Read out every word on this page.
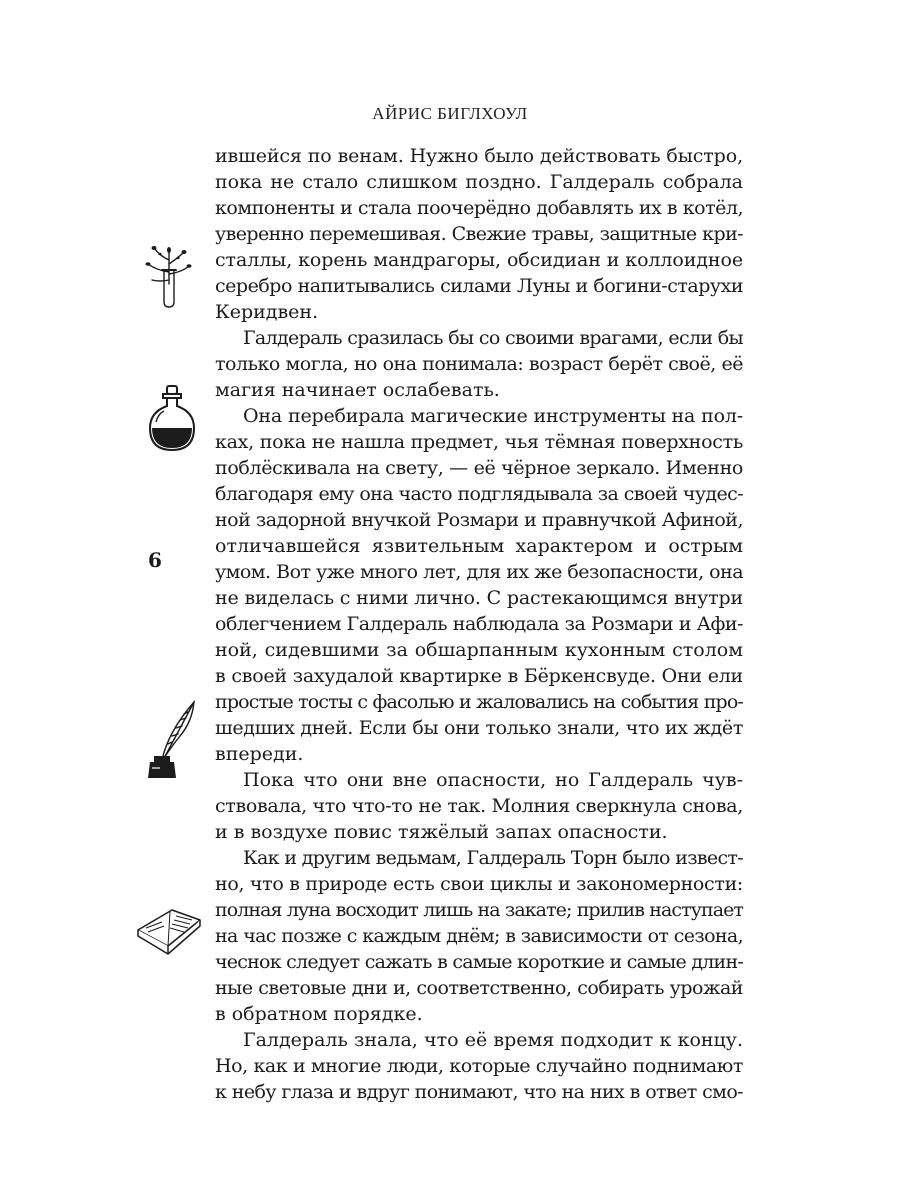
АЙРИС БИГЛХОУЛ
6
ившейся по венам. Нужно было действовать быстро,
пока не стало слишком поздно. Галдераль собрала
компоненты и стала поочерёдно добавлять их в котёл,
уверенно перемешивая. Свежие травы, защитные кри-
сталлы, корень мандрагоры, обсидиан и коллоидное
серебро напитывались силами Луны и богини-старухи
Керидвен.
Галдераль сразилась бы со своими врагами, если бы
только могла, но она понимала: возраст берёт своё, её
магия начинает ослабевать.
Она перебирала магические инструменты на пол-
ках, пока не нашла предмет, чья тёмная поверхность
поблёскивала на свету, — её чёрное зеркало. Именно
благодаря ему она часто подглядывала за своей чудес-
ной задорной внучкой Розмари и правнучкой Афиной,
отличавшейся язвительным характером и острым
умом. Вот уже много лет, для их же безопасности, она
не виделась с ними лично. С растекающимся внутри
облегчением Галдераль наблюдала за Розмари и Афи-
ной, сидевшими за обшарпанным кухонным столом
в своей захудалой квартирке в Бёркенсвуде. Они ели
простые тосты с фасолью и жаловались на события про-
шедших дней. Если бы они только знали, что их ждёт
впереди.
Пока что они вне опасности, но Галдераль чув-
ствовала, что что-то не так. Молния сверкнула снова,
и в воздухе повис тяжёлый запах опасности.
Как и другим ведьмам, Галдераль Торн было извест-
но, что в природе есть свои циклы и закономерности:
полная луна восходит лишь на закате; прилив наступает
на час позже с каждым днём; в зависимости от сезона,
чеснок следует сажать в самые короткие и самые длин-
ные световые дни и, соответственно, собирать урожай
в обратном порядке.
Галдераль знала, что её время подходит к концу.
Но, как и многие люди, которые случайно поднимают
к небу глаза и вдруг понимают, что на них в ответ смо-
